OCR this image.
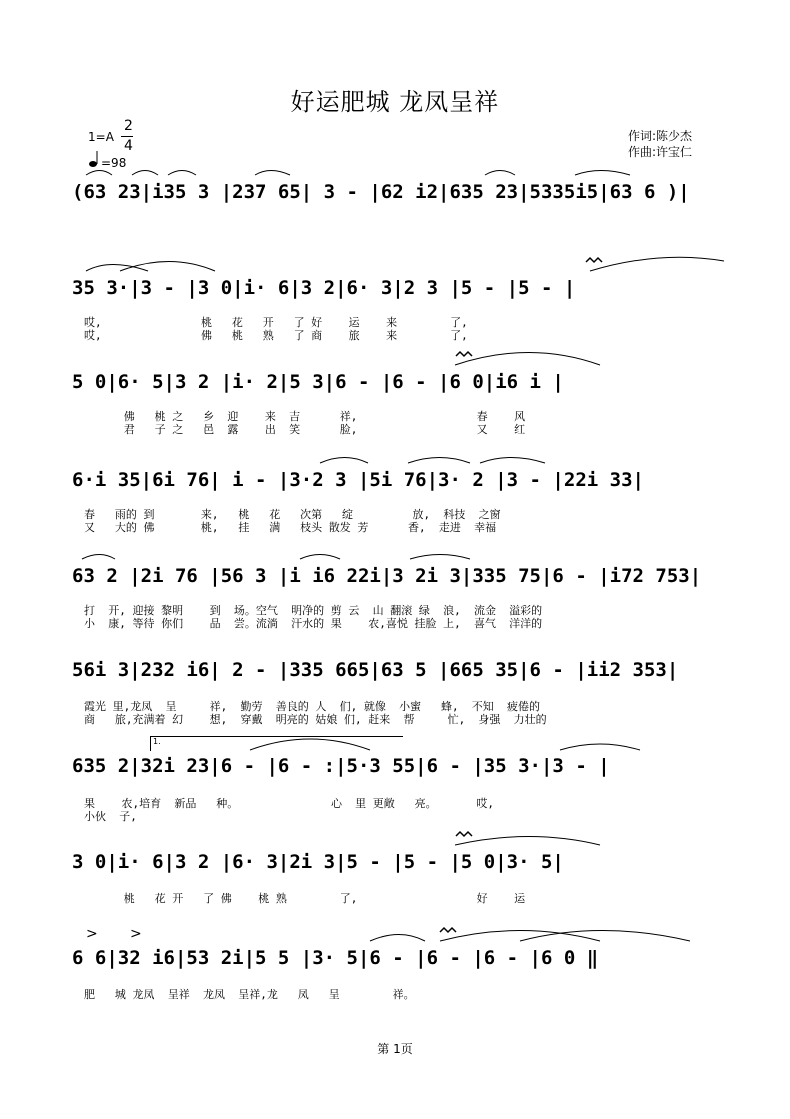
好运肥城 龙凤呈祥
1=A
2
4
=98
作词:陈少杰
作曲:许宝仁
(63 23|i35 3 |237 65| 3 - |62 i2|635 23|5335i5|63 6 )|
35 3·|3 - |3 0|i· 6|3 2|6· 3|2 3 |5 - |5 - |
哎,               桃   花   开   了 好    运    来        了,
哎,               佛   桃   熟   了 商    旅    来        了,
5 0|6· 5|3 2 |i· 2|5 3|6 - |6 - |6 0|i6 i |
佛   桃 之   乡  迎    来  吉      祥,                  春    风
君   子 之   邑  露    出  笑      脸,                  又    红
6·i 35|6i 76| i - |3·2 3 |5i 76|3· 2 |3 - |22i 33|
春   雨的 到       来,   桃   花   次第   绽         放,  科技  之窗
又   大的 佛       桃,   挂   满   枝头 散发 芳      香,  走进  幸福
63 2 |2i 76 |56 3 |i i6 22i|3 2i 3|335 75|6 - |i72 753|
打  开, 迎接 黎明    到  场。空气  明净的 剪 云  山 翻滚 绿  浪,  流金  溢彩的
小  康, 等待 你们    品  尝。流淌  汗水的 果    农,喜悦 挂脸 上,  喜气  洋洋的
56i 3|232 i6| 2 - |335 665|63 5 |665 35|6 - |ii2 353|
霞光 里,龙凤  呈     祥,  勤劳  善良的 人  们, 就像  小蜜   蜂,  不知  疲倦的
商   旅,充满着 幻    想,  穿戴  明亮的 姑娘 们, 赶来  帮     忙,  身强  力壮的
1.
635 2|32i 23|6 - |6 - :|5·3 55|6 - |35 3·|3 - |
果    农,培育  新品   种。              心  里 更敞   亮。      哎,
小伙  子,
3 0|i· 6|3 2 |6· 3|2i 3|5 - |5 - |5 0|3· 5|
桃   花 开   了 佛    桃 熟        了,                  好    运
> >
6 6|32 i6|53 2i|5 5 |3· 5|6 - |6 - |6 - |6 0 ‖
肥   城 龙凤  呈祥  龙凤  呈祥,龙   凤   呈        祥。
第 1页
